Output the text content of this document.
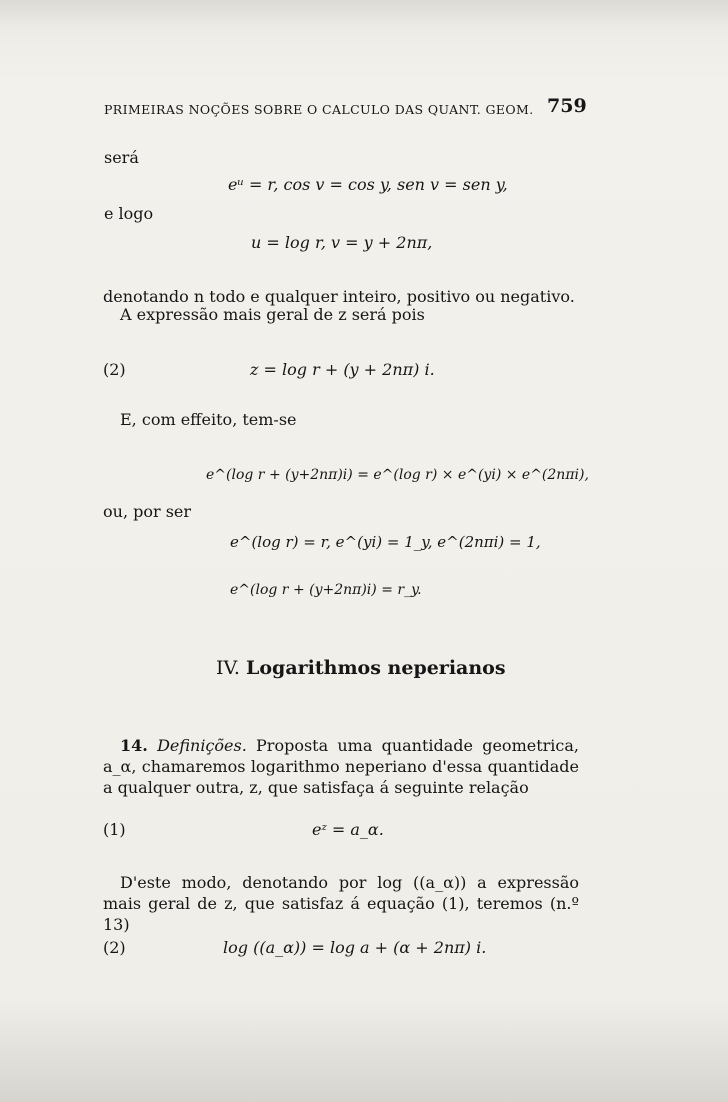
PRIMEIRAS NOÇÕES SOBRE O CALCULO DAS QUANT. GEOM. 759
será
eᵘ = r, cos v = cos y, sen v = sen y,
e logo
u = log r, v = y + 2nπ,
denotando n todo e qualquer inteiro, positivo ou negativo.
A expressão mais geral de z será pois
(2)	z = log r + (y + 2nπ) i.
E, com effeito, tem-se
e^(log r + (y+2nπ)i) = e^(log r) × e^(yi) × e^(2nπi),
ou, por ser
e^(log r) = r, e^(yi) = 1_y, e^(2nπi) = 1,
e^(log r + (y+2nπ)i) = r_y.
IV. Logarithmos neperianos
14. Definições. Proposta uma quantidade geometrica, a_α, chamaremos logarithmo neperiano d'essa quantidade a qualquer outra, z, que satisfaça á seguinte relação
(1)	eᶻ = a_α.
D'este modo, denotando por log ((a_α)) a expressão mais geral de z, que satisfaz á equação (1), teremos (n.º 13)
(2)	log ((a_α)) = log a + (α + 2nπ) i.
